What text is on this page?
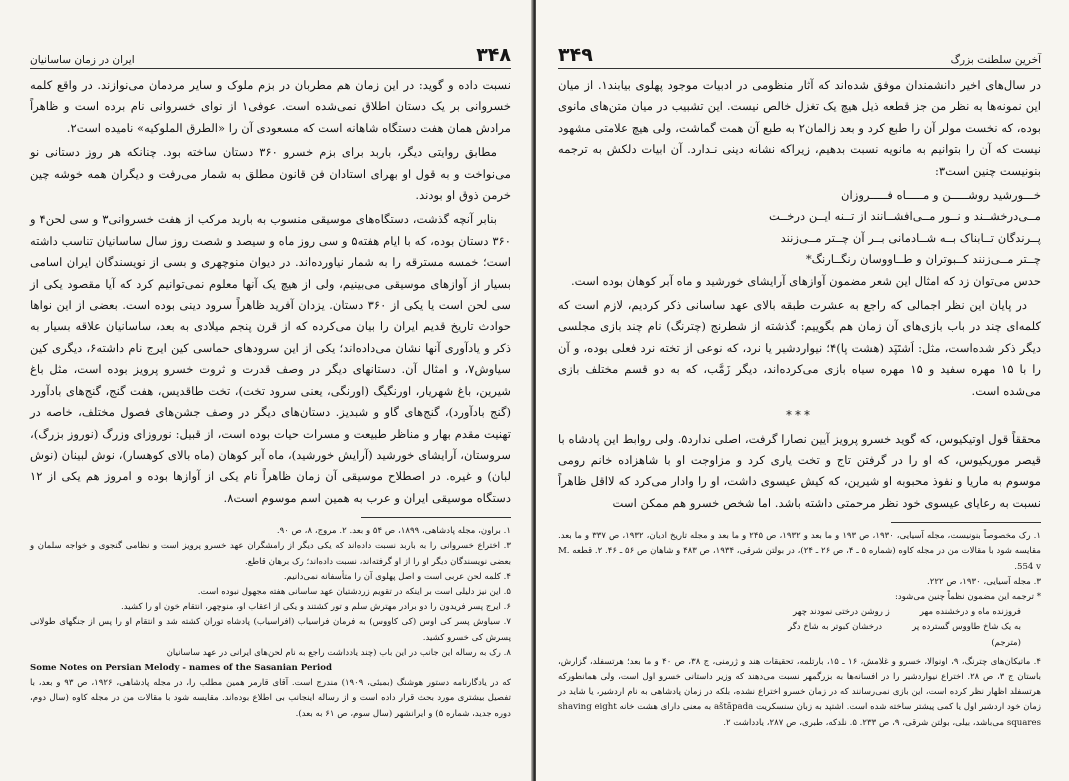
۳۴۸
ایران در زمان ساسانیان

نسبت داده و گوید: در این زمان هم مطربان در بزم ملوک و سایر مردمان می‌نوازند. در واقع کلمه خسروانی بر یک دستان اطلاق نمی‌شده است. عوفی۱ از نوای خسروانی نام برده است و ظاهراً مرادش همان هفت دستگاه شاهانه است که مسعودی آن را «الطرق الملوکیه» نامیده است۲.

مطابق روایتی دیگر، باربد برای بزم خسرو ۳۶۰ دستان ساخته بود. چنانکه هر روز دستانی نو می‌نواخت و به قول او بهرای استادان فن قانون مطلق به شمار می‌رفت و دیگران همه خوشه چین خرمن ذوق او بودند.

بنابر آنچه گذشت، دستگاه‌های موسیقی منسوب به باربد مرکب از هفت خسروانی۳ و سی لحن۴ و ۳۶۰ دستان بوده، که با ایام هفته۵ و سی روز ماه و سیصد و شصت روز سال ساسانیان تناسب داشته است؛ خمسه مسترقه را به شمار نیاورده‌اند. در دیوان منوچهری و بسی از نویسندگان ایران اسامی بسیار از آوازهای موسیقی می‌بینیم، ولی از هیچ یک آنها معلوم نمی‌توانیم کرد که آیا مقصود یکی از سی لحن است یا یکی از ۳۶۰ دستان. یزدان آفرید ظاهراً سرود دینی بوده است. بعضی از این نواها حوادث تاریخ قدیم ایران را بیان می‌کرده که از قرن پنجم میلادی به بعد، ساسانیان علاقه بسیار به ذکر و یادآوری آنها نشان می‌داده‌اند؛ یکی از این سرودهای حماسی کین ایرج نام داشته۶، دیگری کین سیاوش۷، و امثال آن. دستانهای دیگر در وصف قدرت و ثروت خسرو پرویز بوده است، مثل باغ شیرین، باغ شهریار، اورنگیگ (اورنگی، یعنی سرود تخت)، تخت طاقدیس، هفت گنج، گنج‌های بادآورد (گنج بادآورد)، گنج‌های گاو و شبدیز. دستان‌های دیگر در وصف جشن‌های فصول مختلف، خاصه در تهنیت مقدم بهار و مناظر طبیعت و مسرات حیات بوده است، از قبیل: نوروزای وزرگ (نوروز بزرگ)، سروستان، آرایشای خورشید (آرایش خورشید)، ماه آبر کوهان (ماه بالای کوهسار)، نوش لبینان (نوش لبان) و غیره. در اصطلاح موسیقی آن زمان ظاهراً نام یکی از آوازها بوده و امروز هم یکی از ۱۲ دستگاه موسیقی ایران و عرب به همین اسم موسوم است۸.

۱. براون، مجله پادشاهی، ۱۸۹۹، ص ۵۴ و بعد. ۲. مروج، ۸، ص ۹۰.
۳. اختراع خسروانی را به باربد نسبت داده‌اند که یکی دیگر از رامشگران عهد خسرو پرویز است و نظامی گنجوی و خواجه سلمان و بعضی نویسندگان دیگر او را از او گرفته‌اند، نسبت داده‌اند؛ رک برهان قاطع.
۴. کلمه لحن عربی است و اصل پهلوی آن را متأسفانه نمی‌دانیم.
۵. این نیز دلیلی است بر اینکه در تقویم زردشتیان عهد ساسانی هفته مجهول نبوده است.
۶. ایرج پسر فریدون را دو برادر مهترش سلم و تور کشتند و یکی از اعقاب او، منوچهر، انتقام خون او را کشید.
۷. سیاوش پسر کی اوس (کی کاووس) به فرمان فراسیاب (افراسیاب) پادشاه توران کشته شد و انتقام او را پس از جنگهای طولانی پسرش کی خسرو کشید.
۸. رک به رساله این جانب در این باب (چند یادداشت راجع به نام لحن‌های ایرانی در عهد ساسانیان
Some Notes on Persian Melody - names of the Sasanian Period
که در یادگارنامه دستور هوشنگ (بمبئی، ۱۹۰۹) مندرج است. آقای قارمر همین مطلب را، در مجله پادشاهی، ۱۹۲۶، ص ۹۳ و بعد، با تفصیل بیشتری مورد بحث قرار داده است و از رساله اینجانب بی اطلاع بوده‌اند. مقایسه شود با مقالات من در مجله کاوه (سال دوم، دوره جدید، شماره ۵) و ایرانشهر (سال سوم، ص ۶۱ به بعد).
آخرین سلطنت بزرگ
۳۴۹

در سال‌های اخیر دانشمندان موفق شده‌اند که آثار منظومی در ادبیات موجود پهلوی بیابند۱. از میان این نمونه‌ها به نظر من جز قطعه ذیل هیچ یک تغزل خالص نیست. این تشبیب در میان متن‌های مانوی بوده، که نخست مولر آن را طبع کرد و بعد زالمان۲ به طبع آن همت گماشت، ولی هیچ علامتی مشهود نیست که آن را بتوانیم به مانویه نسبت بدهیم، زیراکه نشانه دینی نـدارد. آن ابیات دلکش به ترجمه بنونیست چنین است۳:

خـــورشید روشـــــن و مـــــاه فـــــروزان
مــی‌درخشــند و نــور مــی‌افشــانند از تــنه ایــن درخــت
پــرندگان تــابناک بــه شــادمانی بــر آن چــتر مــی‌زنند
چــتر مــی‌زنند کــبوتران و طــاووسان رنگــارنگ*

حدس می‌توان زد که امثال این شعر مضمون آوازهای آرایشای خورشید و ماه آبر کوهان بوده است.

در پایان این نظر اجمالی که راجع به عشرت طبقه بالای عهد ساسانی ذکر کردیم، لازم است که کلمه‌ای چند در باب بازی‌های آن زمان هم بگوییم: گذشته از شطرنج (چترنگ) نام چند بازی مجلسی دیگر ذکر شده‌است، مثل: اَشتَپَد (هشت پا)۴؛ نیواردشیر یا نرد، که نوعی از تخته نرد فعلی بوده، و آن را با ۱۵ مهره سفید و ۱۵ مهره سیاه بازی می‌کرده‌اند، دیگر زَمَّب، که به دو قسم مختلف بازی می‌شده است.

***

محققاً قول اوتیکیوس، که گوید خسرو پرویز آیین نصارا گرفت، اصلی ندارد۵. ولی روابط این پادشاه با قیصر موریکیوس، که او را در گرفتن تاج و تخت یاری کرد و مزاوجت او با شاهزاده خانم رومی موسوم به ماریا و نفوذ محبوبه او شیرین، که کیش عیسوی داشت، او را وادار می‌کرد که لااقل ظاهراً نسبت به رعایای عیسوی خود نظر مرحمتی داشته باشد. اما شخص خسرو هم ممکن است

۱. رک مخصوصاً بنونیست، مجله آسیایی، ۱۹۳۰، ص ۱۹۳ و ما بعد و ۱۹۳۲، ص ۲۴۵ و ما بعد و مجله تاریخ ادیان، ۱۹۳۲، ص ۳۳۷ و ما بعد. مقایسه شود با مقالات من در مجله کاوه (شماره ۵ ـ ۴، ص ۲۶ ـ ۲۴)، در بولتن شرقی، ۱۹۳۴، ص ۴۸۳ و شاهان ص ۵۶ ـ ۴۶. ۲. قطعه M. 554 v.
۳. مجله آسیایی، ۱۹۳۰، ص ۲۲۲.
* ترجمه این مضمون نظماً چنین می‌شود:
فروزنده ماه و درخشنده مهر
ز روشن درختی نمودند چهر
به یک شاخ طاووس گسترده پر
درخشان کبوتر به شاخ دگر
(مترجم)
۴. ماتیکان‌های چترنگ، ۹، اونوالا، خسرو و غلامش، ۱۶ ـ ۱۵، بارتلمه، تحقیقات هند و ژرمنی، ج ۳۸، ص ۴۰ و ما بعد؛ هرتسفلد، گزارش، باستان ج ۳، ص ۲۸. اختراع نیواردشیر را در افسانه‌ها به بزرگمهر نسبت می‌دهند که وزیر داستانی خسرو اول است، ولی همانطورکه هرتسفلد اظهار نظر کرده است، این بازی نمی‌رسانند که در زمان خسرو اختراع نشده، بلکه در زمان پادشاهی به نام اردشیر، یا شاید در زمان خود اردشیر اول یا کمی پیشتر ساخته شده است. اشتپد به زبان سنسکریت aštāpada به معنی دارای هشت خانه shaving eight squares می‌باشد، بیلی، بولتن شرقی، ۹، ص ۲۳۳. ۵. نلدکه، طبری، ص ۲۸۷، یادداشت ۲.
